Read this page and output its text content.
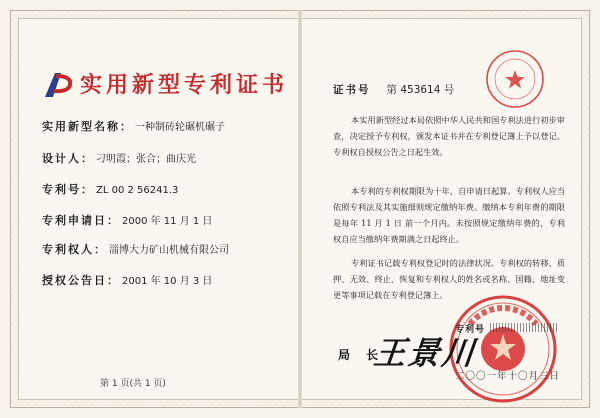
实用新型专利证书
实用新型名称： 一种制砖轮碾机碾子
设计人： 刁明霞；张合；曲庆光
专利号： ZL 00 2 56241.3
专利申请日： 2000 年 11 月 1 日
专利权人： 淄博大力矿山机械有限公司
授权公告日： 2001 年 10 月 3 日
第 1 页(共 1 页)
证书号 第 453614 号
本实用新型经过本局依照中华人民共和国专利法进行初步审查，决定授予专利权，颁发本证书并在专利登记簿上予以登记。专利权自授权公告之日起生效。
本专利的专利权期限为十年，自申请日起算。专利权人应当依照专利法及其实施细则规定缴纳年费。缴纳本专利年费的期限是每年 11 月 1 日 前一个月内。未按照规定缴纳年费的，专利权自应当缴纳年费期满之日起终止。
专利证书记载专利权登记时的法律状况。专利权的转移、质押、无效、终止、恢复和专利权人的姓名或名称、国籍、地址变更等事项记载在专利登记簿上。
专利号
局 长
王景川
二〇〇一年十〇月三日
